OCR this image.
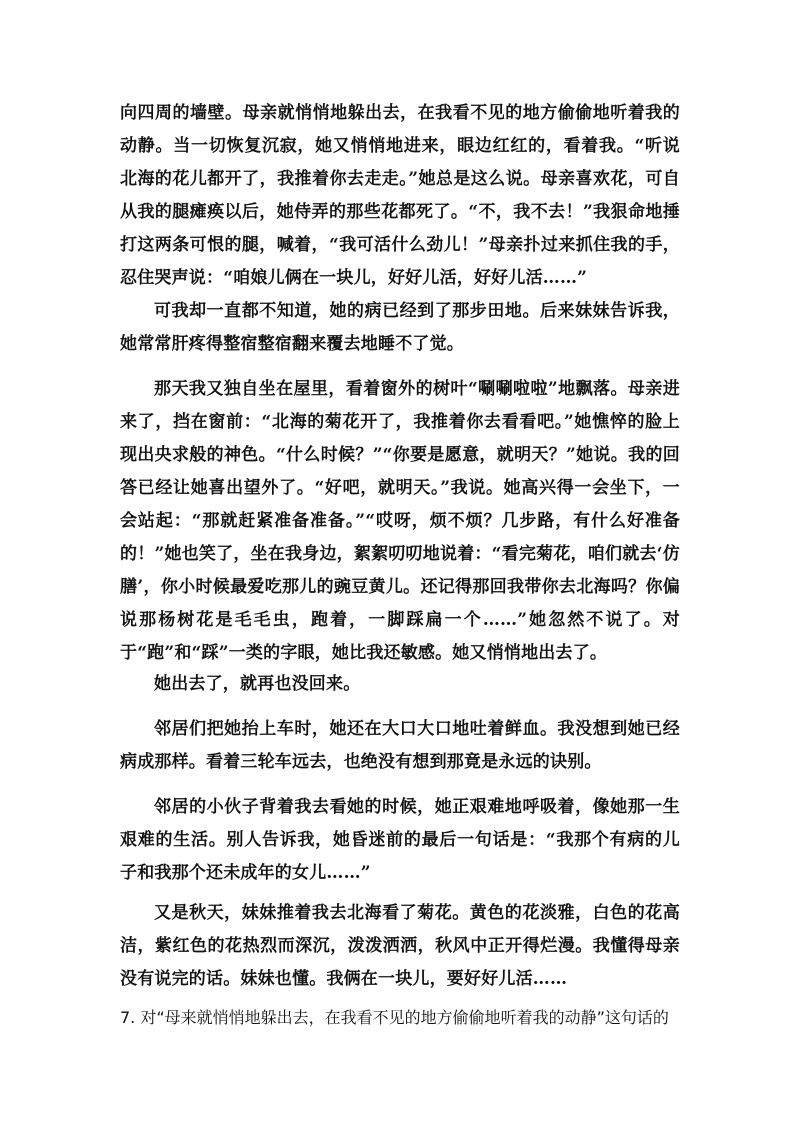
向四周的墙壁。母亲就悄悄地躲出去，在我看不见的地方偷偷地听着我的动静。当一切恢复沉寂，她又悄悄地进来，眼边红红的，看着我。“听说北海的花儿都开了，我推着你去走走。”她总是这么说。母亲喜欢花，可自从我的腿瘫痪以后，她侍弄的那些花都死了。“不，我不去！”我狠命地捶打这两条可恨的腿，喊着，“我可活什么劲儿！”母亲扑过来抓住我的手，忍住哭声说：“咱娘儿俩在一块儿，好好儿活，好好儿活……”

可我却一直都不知道，她的病已经到了那步田地。后来妹妹告诉我，她常常肝疼得整宿整宿翻来覆去地睡不了觉。

那天我又独自坐在屋里，看着窗外的树叶“唰唰啦啦”地飘落。母亲进来了，挡在窗前：“北海的菊花开了，我推着你去看看吧。”她憔悴的脸上现出央求般的神色。“什么时候？”“你要是愿意，就明天？”她说。我的回答已经让她喜出望外了。“好吧，就明天。”我说。她高兴得一会坐下，一会站起：“那就赶紧准备准备。”“哎呀，烦不烦？几步路，有什么好准备的！”她也笑了，坐在我身边，絮絮叨叨地说着：“看完菊花，咱们就去‘仿膳’，你小时候最爱吃那儿的豌豆黄儿。还记得那回我带你去北海吗？你偏说那杨树花是毛毛虫，跑着，一脚踩扁一个……”她忽然不说了。对于“跑”和“踩”一类的字眼，她比我还敏感。她又悄悄地出去了。

她出去了，就再也没回来。

邻居们把她抬上车时，她还在大口大口地吐着鲜血。我没想到她已经病成那样。看着三轮车远去，也绝没有想到那竟是永远的诀别。

邻居的小伙子背着我去看她的时候，她正艰难地呼吸着，像她那一生艰难的生活。别人告诉我，她昏迷前的最后一句话是：“我那个有病的儿子和我那个还未成年的女儿……”

又是秋天，妹妹推着我去北海看了菊花。黄色的花淡雅，白色的花高洁，紫红色的花热烈而深沉，泼泼洒洒，秋风中正开得烂漫。我懂得母亲没有说完的话。妹妹也懂。我俩在一块儿，要好好儿活……

7. 对“母来就悄悄地躲出去，在我看不见的地方偷偷地听着我的动静”这句话的
